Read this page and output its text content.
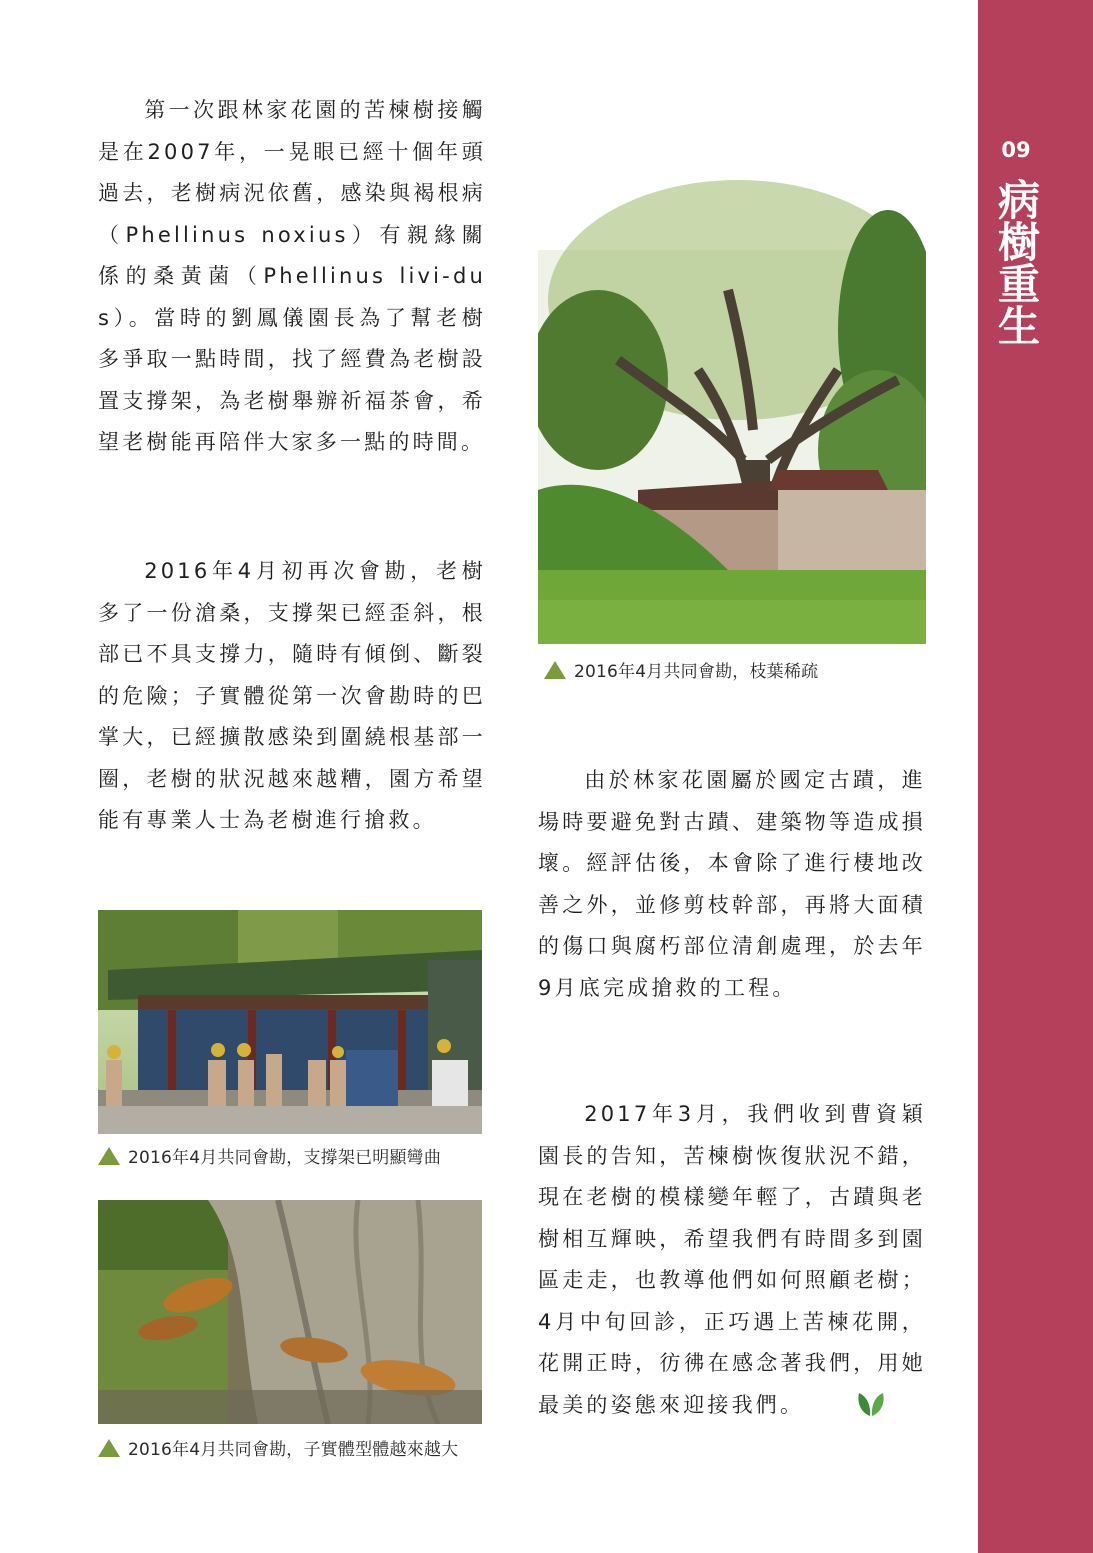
第一次跟林家花園的苦楝樹接觸是在2007年，一晃眼已經十個年頭過去，老樹病況依舊，感染與褐根病（Phellinus noxius）有親緣關係的桑黃菌（Phellinus livi-dus）。當時的劉鳳儀園長為了幫老樹多爭取一點時間，找了經費為老樹設置支撐架，為老樹舉辦祈福茶會，希望老樹能再陪伴大家多一點的時間。

2016年4月初再次會勘，老樹多了一份滄桑，支撐架已經歪斜，根部已不具支撐力，隨時有傾倒、斷裂的危險；子實體從第一次會勘時的巴掌大，已經擴散感染到圍繞根基部一圈，老樹的狀況越來越糟，園方希望能有專業人士為老樹進行搶救。

2016年4月共同會勘，支撐架已明顯彎曲
2016年4月共同會勘，子實體型體越來越大
2016年4月共同會勘，枝葉稀疏

由於林家花園屬於國定古蹟，進場時要避免對古蹟、建築物等造成損壞。經評估後，本會除了進行棲地改善之外，並修剪枝幹部，再將大面積的傷口與腐朽部位清創處理，於去年9月底完成搶救的工程。

2017年3月，我們收到曹資穎園長的告知，苦楝樹恢復狀況不錯，現在老樹的模樣變年輕了，古蹟與老樹相互輝映，希望我們有時間多到園區走走，也教導他們如何照顧老樹；4月中旬回診，正巧遇上苦楝花開，花開正時，彷彿在感念著我們，用她最美的姿態來迎接我們。

09
病樹重生
